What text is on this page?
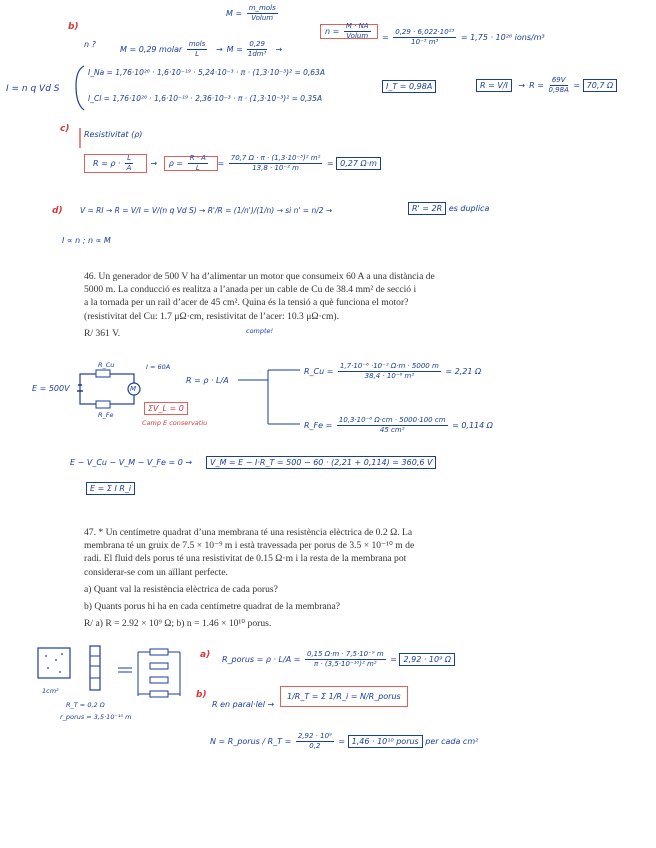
$M = \frac{\text{m\_mols}}{\text{Volum}}$
b)
n ?
M = 0,29 molar $\frac{\text{mols}}{L} \to M = \frac{0,29}{\text{1dm³}}$ →
$n = \frac{M \cdot NA}{\text{Volum}} = \frac{\text{0,29 · 6,022·10²³}}{\text{10⁻³ m³}} = 1,75 \cdot 10^{26}$ ions/m³
I = n q Vd S
I_Na = 1,76·10²⁶ · 1,6·10⁻¹⁹ · 5,24·10⁻³ · π · (1,3·10⁻³)² = 0,63A
I_Cl = 1,76·10²⁶ · 1,6·10⁻¹⁹ · 2,36·10⁻³ · π · (1,3·10⁻³)² = 0,35A
I_T = 0,98A	$R = V/I \to R = \frac{69V}{0,98A} = 70,7$ Ω
c)
Resistivitat (ρ)
$R = \rho \cdot \frac{L}{A} \to \rho = \frac{R \cdot A}{L} = \frac{\text{70,7 Ω · π · (1,3·10⁻³)² m²}}{\text{13,8 · 10⁻² m}} = 0,27$ Ω·m
d) V = RI → R = V/I = V/(n q Vd S) → R'/R = (1/n')/(1/n) → si n' = n/2 →	R' = 2R es duplica
I ∝ n ; n ∝ M

46. Un generador de 500 V ha d’alimentar un motor que consumeix 60 A a una distància de

5000 m. La conducció es realitza a l’anada per un cable de Cu de 38.4 mm² de secció i

a la tornada per un rail d’acer de 45 cm². Quina és la tensió a què funciona el motor?

(resistivitat del Cu: 1.7 μΩ·cm, resistivitat de l’acer: 10.3 μΩ·cm).

R/ 361 V.	compte!
E = 500V
R_Cu
R_Fe
I = 60A
M
ΣV_L = 0
Camp E conservatiu
R = ρ · L/A
R_Cu = $\frac{\text{1,7·10⁻⁶ ·10⁻² Ω·m · 5000 m}}{\text{38,4 · 10⁻⁶ m²}} = 2,21$ Ω
R_Fe = $\frac{\text{10,3·10⁻⁶ Ω·cm · 5000·100 cm}}{\text{45 cm²}} = 0,114$ Ω
E − V_Cu − V_M − V_Fe = 0 →	V_M = E − I·R_T = 500 − 60 · (2,21 + 0,114) = 360,6 V
E = Σ I R_i

47. * Un centímetre quadrat d’una membrana té una resistència elèctrica de 0.2 Ω. La

membrana té un gruix de 7.5 × 10⁻⁹ m i està travessada per porus de 3.5 × 10⁻¹⁰ m de

radi. El fluid dels porus té una resistivitat de 0.15 Ω·m i la resta de la membrana pot

considerar-se com un aïllant perfecte.

a) Quant val la resistència elèctrica de cada porus?

b) Quants porus hi ha en cada centímetre quadrat de la membrana?

R/ a) R = 2.92 × 10⁹ Ω; b) n = 1.46 × 10¹⁰ porus.

1cm²
R_T = 0,2 Ω
r_porus = 3,5·10⁻¹⁰ m
a) R_porus = $\rho \cdot L/A = \frac{\text{0,15 Ω·m · 7,5·10⁻⁹ m}}{\text{π · (3,5·10⁻¹⁰)² m²}} = 2,92 \cdot 10^9$ Ω
b)
R en paral·lel →
1/R_T = Σ 1/R_i = N/R_porus
N = R_porus / R_T = $\frac{\text{2,92 · 10⁹}}{0,2} = 1,46 \cdot 10^{10}$ porus per cada cm²
